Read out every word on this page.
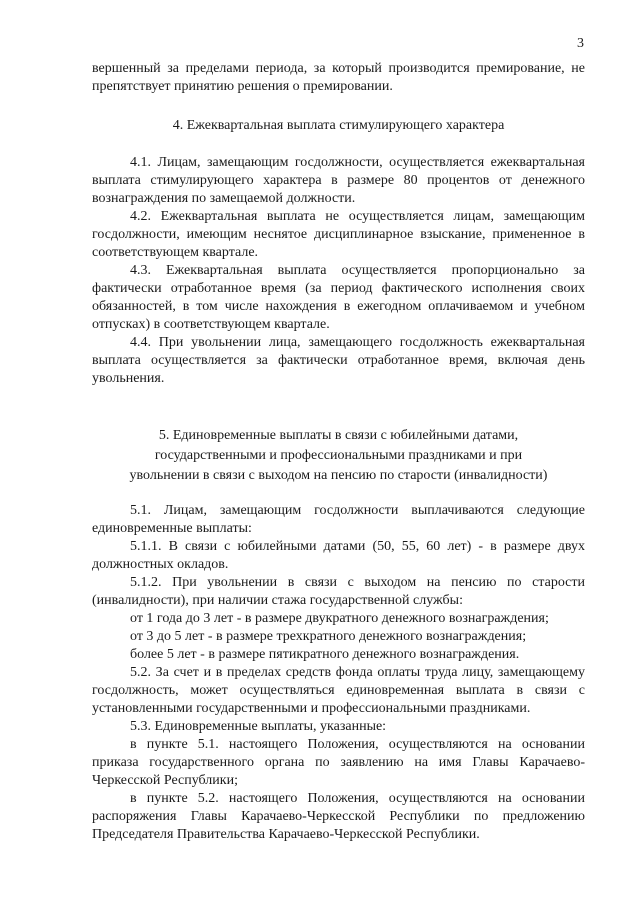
3

вершенный за пределами периода, за который производится премирование, не препятствует принятию решения о премировании.

4. Ежеквартальная выплата стимулирующего характера

4.1. Лицам, замещающим госдолжности, осуществляется ежеквартальная выплата стимулирующего характера в размере 80 процентов от денежного вознаграждения по замещаемой должности.

4.2. Ежеквартальная выплата не осуществляется лицам, замещающим госдолжности, имеющим неснятое дисциплинарное взыскание, примененное в соответствующем квартале.

4.3. Ежеквартальная выплата осуществляется пропорционально за фактически отработанное время (за период фактического исполнения своих обязанностей, в том числе нахождения в ежегодном оплачиваемом и учебном отпусках) в соответствующем квартале.

4.4. При увольнении лица, замещающего госдолжность ежеквартальная выплата осуществляется за фактически отработанное время, включая день увольнения.

5. Единовременные выплаты в связи с юбилейными датами,
государственными и профессиональными праздниками и при
увольнении в связи с выходом на пенсию по старости (инвалидности)

5.1. Лицам, замещающим госдолжности выплачиваются следующие единовременные выплаты:

5.1.1. В связи с юбилейными датами (50, 55, 60 лет) - в размере двух должностных окладов.

5.1.2. При увольнении в связи с выходом на пенсию по старости (инвалидности), при наличии стажа государственной службы:

от 1 года до 3 лет - в размере двукратного денежного вознаграждения;

от 3 до 5 лет - в размере трехкратного денежного вознаграждения;

более 5 лет - в размере пятикратного денежного вознаграждения.

5.2. За счет и в пределах средств фонда оплаты труда лицу, замещающему госдолжность, может осуществляться единовременная выплата в связи с установленными государственными и профессиональными праздниками.

5.3. Единовременные выплаты, указанные:

в пункте 5.1. настоящего Положения, осуществляются на основании приказа государственного органа по заявлению на имя Главы Карачаево-Черкесской Республики;

в пункте 5.2. настоящего Положения, осуществляются на основании распоряжения Главы Карачаево-Черкесской Республики по предложению Председателя Правительства Карачаево-Черкесской Республики.
